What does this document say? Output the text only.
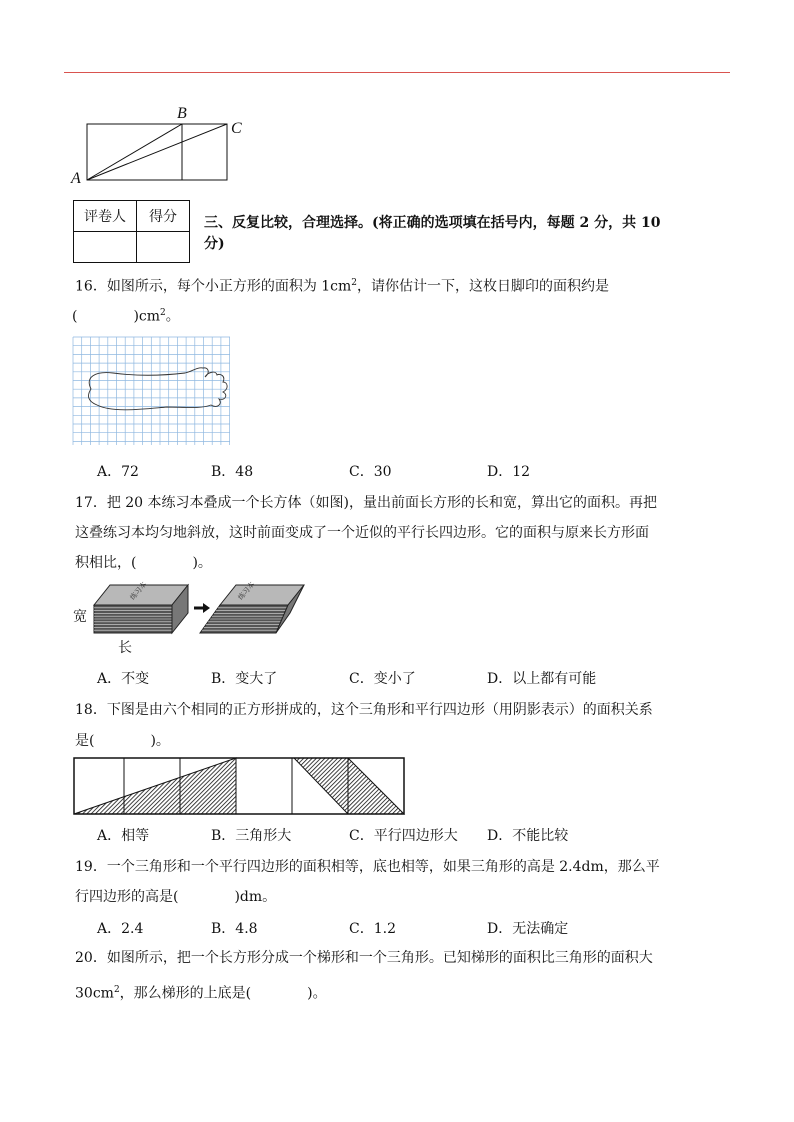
A
B
C
评卷人	得分
	三、反复比较，合理选择。(将正确的选项填在括号内，每题 2 分，共 10
分)
16．如图所示，每个小正方形的面积为 $1cm^2$，请你估计一下，这枚日脚印的面积约是
(　　　　)$cm^2$。
A．72	B．48	C．30	D．12
17．把 20 本练习本叠成一个长方体（如图)，量出前面长方形的长和宽，算出它的面积。再把
这叠练习本均匀地斜放，这时前面变成了一个近似的平行长四边形。它的面积与原来长方形面
积相比，(　　　　)。
练习本	练习本
宽
长
A．不变	B．变大了	C．变小了	D．以上都有可能
18．下图是由六个相同的正方形拼成的，这个三角形和平行四边形（用阴影表示）的面积关系
是(　　　　)。
A．相等	B．三角形大	C．平行四边形大 D．不能比较
19．一个三角形和一个平行四边形的面积相等，底也相等，如果三角形的高是 2.4dm，那么平
行四边形的高是(　　　　)dm。
A．2.4	B．4.8	C．1.2	D．无法确定
20．如图所示，把一个长方形分成一个梯形和一个三角形。已知梯形的面积比三角形的面积大
$30cm^2$，那么梯形的上底是(　　　　)。
